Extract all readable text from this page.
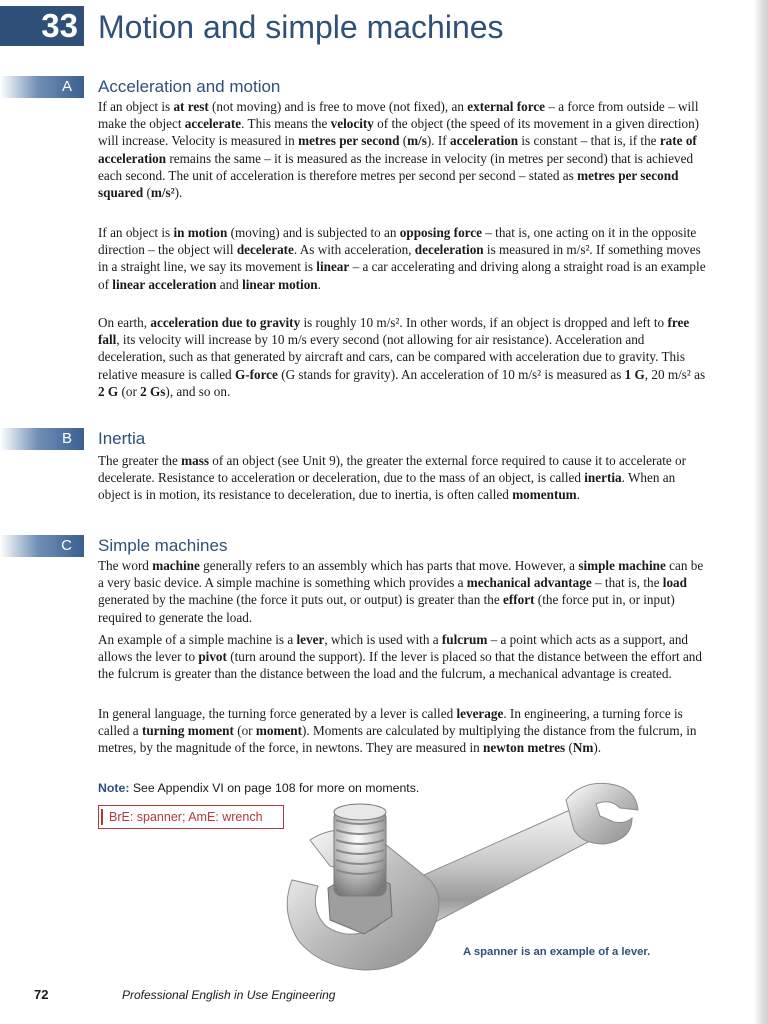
33 Motion and simple machines
A	Acceleration and motion

If an object is at rest (not moving) and is free to move (not fixed), an external force – a force from outside – will make the object accelerate. This means the velocity of the object (the speed of its movement in a given direction) will increase. Velocity is measured in metres per second (m/s). If acceleration is constant – that is, if the rate of acceleration remains the same – it is measured as the increase in velocity (in metres per second) that is achieved each second. The unit of acceleration is therefore metres per second per second – stated as metres per second squared (m/s²).

If an object is in motion (moving) and is subjected to an opposing force – that is, one acting on it in the opposite direction – the object will decelerate. As with acceleration, deceleration is measured in m/s². If something moves in a straight line, we say its movement is linear – a car accelerating and driving along a straight road is an example of linear acceleration and linear motion.

On earth, acceleration due to gravity is roughly 10 m/s². In other words, if an object is dropped and left to free fall, its velocity will increase by 10 m/s every second (not allowing for air resistance). Acceleration and deceleration, such as that generated by aircraft and cars, can be compared with acceleration due to gravity. This relative measure is called G-force (G stands for gravity). An acceleration of 10 m/s² is measured as 1 G, 20 m/s² as 2 G (or 2 Gs), and so on.

B	Inertia

The greater the mass of an object (see Unit 9), the greater the external force required to cause it to accelerate or decelerate. Resistance to acceleration or deceleration, due to the mass of an object, is called inertia. When an object is in motion, its resistance to deceleration, due to inertia, is often called momentum.

C	Simple machines

The word machine generally refers to an assembly which has parts that move. However, a simple machine can be a very basic device. A simple machine is something which provides a mechanical advantage – that is, the load generated by the machine (the force it puts out, or output) is greater than the effort (the force put in, or input) required to generate the load.

An example of a simple machine is a lever, which is used with a fulcrum – a point which acts as a support, and allows the lever to pivot (turn around the support). If the lever is placed so that the distance between the effort and the fulcrum is greater than the distance between the load and the fulcrum, a mechanical advantage is created.

In general language, the turning force generated by a lever is called leverage. In engineering, a turning force is called a turning moment (or moment). Moments are calculated by multiplying the distance from the fulcrum, in metres, by the magnitude of the force, in newtons. They are measured in newton metres (Nm).

Note: See Appendix VI on page 108 for more on moments.
BrE: spanner; AmE: wrench
A spanner is an example of a lever.
72	Professional English in Use Engineering
